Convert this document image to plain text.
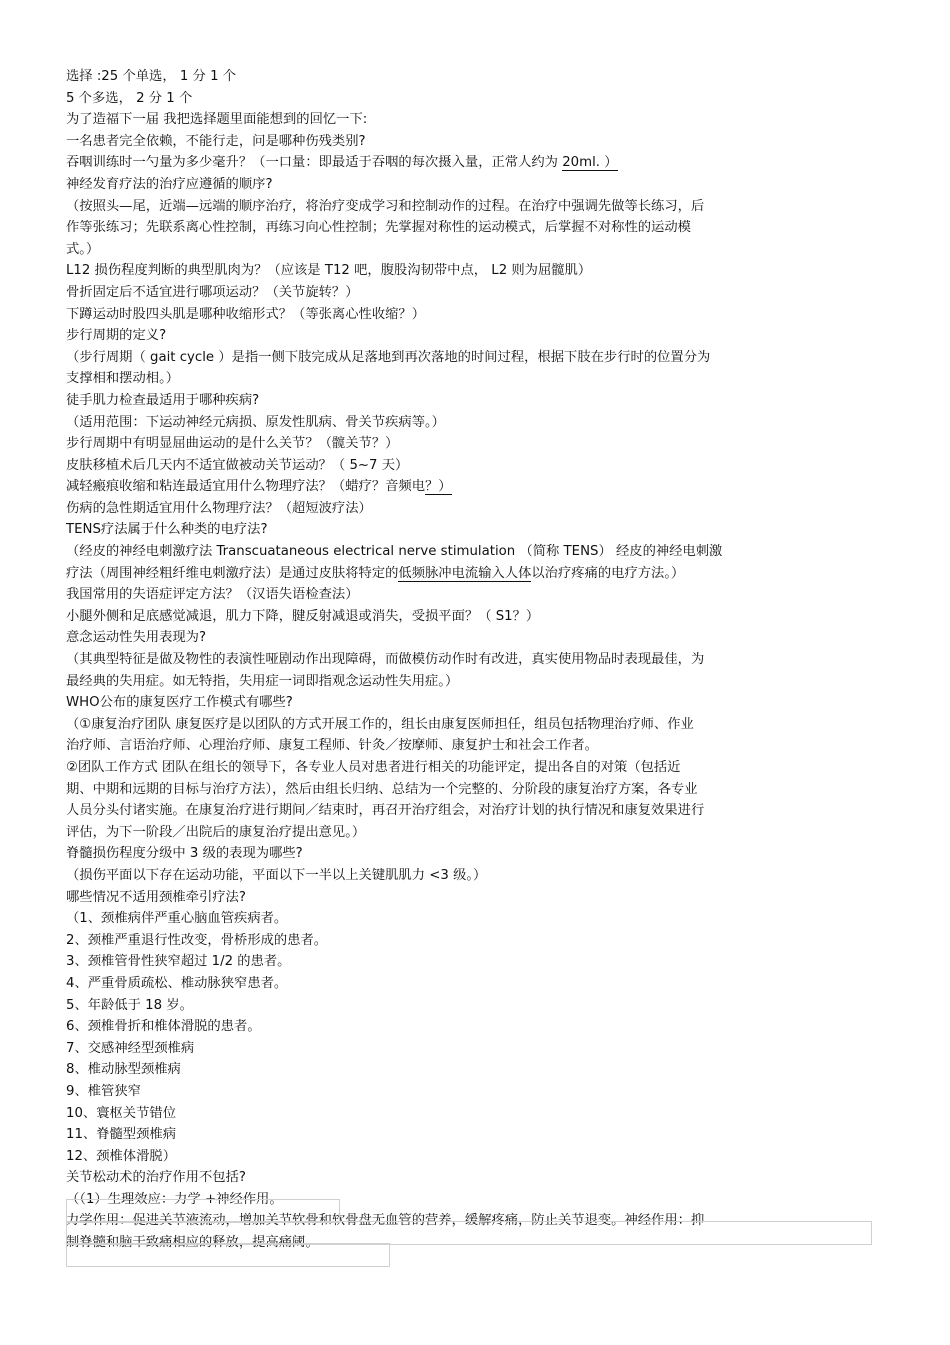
选择 :25 个单选， 1 分 1 个

5 个多选， 2 分 1 个

为了造福下一届 我把选择题里面能想到的回忆一下:

一名患者完全依赖，不能行走，问是哪种伤残类别?

吞咽训练时一勺量为多少毫升？（一口量：即最适于吞咽的每次摄入量，正常人约为 20ml. ）

神经发育疗法的治疗应遵循的顺序?

（按照头—尾，近端—远端的顺序治疗，将治疗变成学习和控制动作的过程。在治疗中强调先做等长练习，后

作等张练习；先联系离心性控制，再练习向心性控制；先掌握对称性的运动模式，后掌握不对称性的运动模

式。）

L12 损伤程度判断的典型肌肉为？（应该是 T12 吧，腹股沟韧带中点， L2 则为屈髋肌）

骨折固定后不适宜进行哪项运动？（关节旋转？）

下蹲运动时股四头肌是哪种收缩形式？（等张离心性收缩？）

步行周期的定义?

（步行周期（ gait cycle ）是指一侧下肢完成从足落地到再次落地的时间过程，根据下肢在步行时的位置分为

支撑相和摆动相。）

徒手肌力检查最适用于哪种疾病?

（适用范围：下运动神经元病损、原发性肌病、骨关节疾病等。）

步行周期中有明显屈曲运动的是什么关节？（髋关节？）

皮肤移植术后几天内不适宜做被动关节运动？（ 5~7 天）

减轻瘢痕收缩和粘连最适宜用什么物理疗法？（蜡疗？音频电？）

伤病的急性期适宜用什么物理疗法？（超短波疗法）

TENS疗法属于什么种类的电疗法?

（经皮的神经电刺激疗法 Transcuataneous electrical nerve stimulation （简称 TENS） 经皮的神经电刺激

疗法（周围神经粗纤维电刺激疗法）是通过皮肤将特定的低频脉冲电流输入人体以治疗疼痛的电疗方法。）

我国常用的失语症评定方法？（汉语失语检查法）

小腿外侧和足底感觉减退，肌力下降，腱反射减退或消失，受损平面？（ S1？）

意念运动性失用表现为?

（其典型特征是做及物性的表演性哑剧动作出现障碍，而做模仿动作时有改进，真实使用物品时表现最佳，为

最经典的失用症。如无特指，失用症一词即指观念运动性失用症。）

WHO公布的康复医疗工作模式有哪些?

（①康复治疗团队 康复医疗是以团队的方式开展工作的，组长由康复医师担任，组员包括物理治疗师、作业

治疗师、言语治疗师、心理治疗师、康复工程师、针灸／按摩师、康复护士和社会工作者。

②团队工作方式 团队在组长的领导下，各专业人员对患者进行相关的功能评定，提出各自的对策（包括近

期、中期和远期的目标与治疗方法），然后由组长归纳、总结为一个完整的、分阶段的康复治疗方案，各专业

人员分头付诸实施。在康复治疗进行期间／结束时，再召开治疗组会，对治疗计划的执行情况和康复效果进行

评估，为下一阶段／出院后的康复治疗提出意见。）

脊髓损伤程度分级中 3 级的表现为哪些?

（损伤平面以下存在运动功能，平面以下一半以上关键肌肌力 <3 级。）

哪些情况不适用颈椎牵引疗法?

（1、颈椎病伴严重心脑血管疾病者。

2、颈椎严重退行性改变，骨桥形成的患者。

3、颈椎管骨性狭窄超过 1/2 的患者。

4、严重骨质疏松、椎动脉狭窄患者。

5、年龄低于 18 岁。

6、颈椎骨折和椎体滑脱的患者。

7、交感神经型颈椎病

8、椎动脉型颈椎病

9、椎管狭窄

10、寰枢关节错位

11、脊髓型颈椎病

12、颈椎体滑脱）

关节松动术的治疗作用不包括?

（（1）生理效应：力学 +神经作用。

力学作用：促进关节液流动，增加关节软骨和软骨盘无血管的营养，缓解疼痛，防止关节退变。神经作用：抑

制脊髓和脑干致痛相应的释放，提高痛阈。
